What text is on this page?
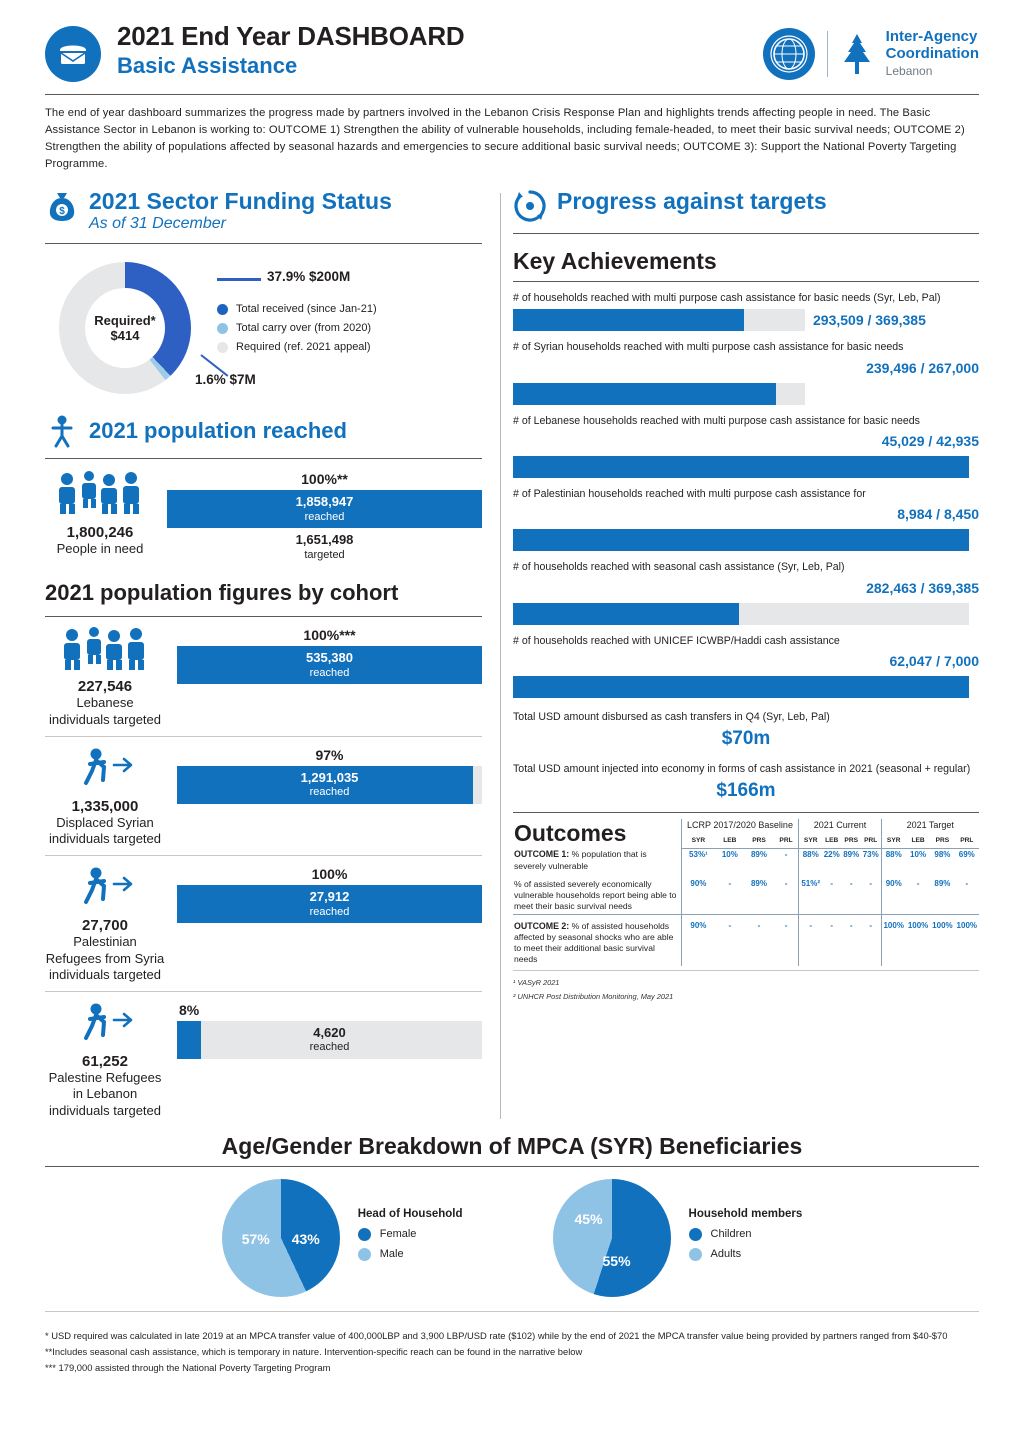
2021 End Year DASHBOARD
Basic Assistance
Inter-Agency
Coordination
Lebanon
The end of year dashboard summarizes the progress made by partners involved in the Lebanon Crisis Response Plan and highlights trends affecting people in need. The Basic Assistance Sector in Lebanon is working to: OUTCOME 1) Strengthen the ability of vulnerable households, including female-headed, to meet their basic survival needs; OUTCOME 2) Strengthen the ability of populations affected by seasonal hazards and emergencies to secure additional basic survival needs; OUTCOME 3): Support the National Poverty Targeting Programme.
$ 2021 Sector Funding Status
As of 31 December
Required*
$414
Total received (since Jan-21)
Total carry over (from 2020)
Required (ref. 2021 appeal)
37.9% $200M
1.6% $7M
2021 population reached
1,800,246
People in need
100%**
1,858,947
reached
1,651,498
targeted
2021 population figures by cohort
227,546
Lebanese individuals targeted
100%***
535,380
reached
1,335,000
Displaced Syrian individuals targeted
97%
1,291,035
reached
27,700
Palestinian Refugees from Syria individuals targeted
100%
27,912
reached
61,252
Palestine Refugees in Lebanon individuals targeted
8%
4,620
reached
Progress against targets
Key Achievements
# of households reached with multi purpose cash assistance for basic needs (Syr, Leb, Pal)
293,509 / 369,385
# of Syrian households reached with multi purpose cash assistance for basic needs
239,496 / 267,000
# of Lebanese households reached with multi purpose cash assistance for basic needs
45,029 / 42,935
# of Palestinian households reached with multi purpose cash assistance for
8,984 / 8,450
# of households reached with seasonal cash assistance (Syr, Leb, Pal)
282,463 / 369,385
# of households reached with UNICEF ICWBP/Haddi cash assistance
62,047 / 7,000
Total USD amount disbursed as cash transfers in Q4 (Syr, Leb, Pal)
$70m
Total USD amount injected into economy in forms of cash assistance in 2021 (seasonal + regular)
$166m
Outcomes	LCRP 2017/2020 Baseline				2021 Current				2021 Target			
	SYR	LEB	PRS	PRL	SYR	LEB	PRS	PRL	SYR	LEB	PRS	PRL
OUTCOME 1: % population that is severely vulnerable	53%¹	10%	89%	-	88%	22%	89%	73%	88%	10%	98%	69%
% of assisted severely economically vulnerable households report being able to meet their basic survival needs	90%	-	89%	-	51%²	-	-	-	90%	-	89%	-
OUTCOME 2: % of assisted households affected by seasonal shocks who are able to meet their additional basic survival needs	90%	-	-	-	-	-	-	-	100%	100%	100%	100%
¹ VASyR 2021
² UNHCR Post Distribution Monitoring, May 2021
Age/Gender Breakdown of MPCA (SYR) Beneficiaries
43%
57%
Head of Household
Female
Male	55%
45%	Household members
Children
Adults
* USD required was calculated in late 2019 at an MPCA transfer value of 400,000LBP and 3,900 LBP/USD rate ($102) while by the end of 2021 the MPCA transfer value being provided by partners ranged from $40-$70
**Includes seasonal cash assistance, which is temporary in nature. Intervention-specific reach can be found in the narrative below
*** 179,000 assisted through the National Poverty Targeting Program
